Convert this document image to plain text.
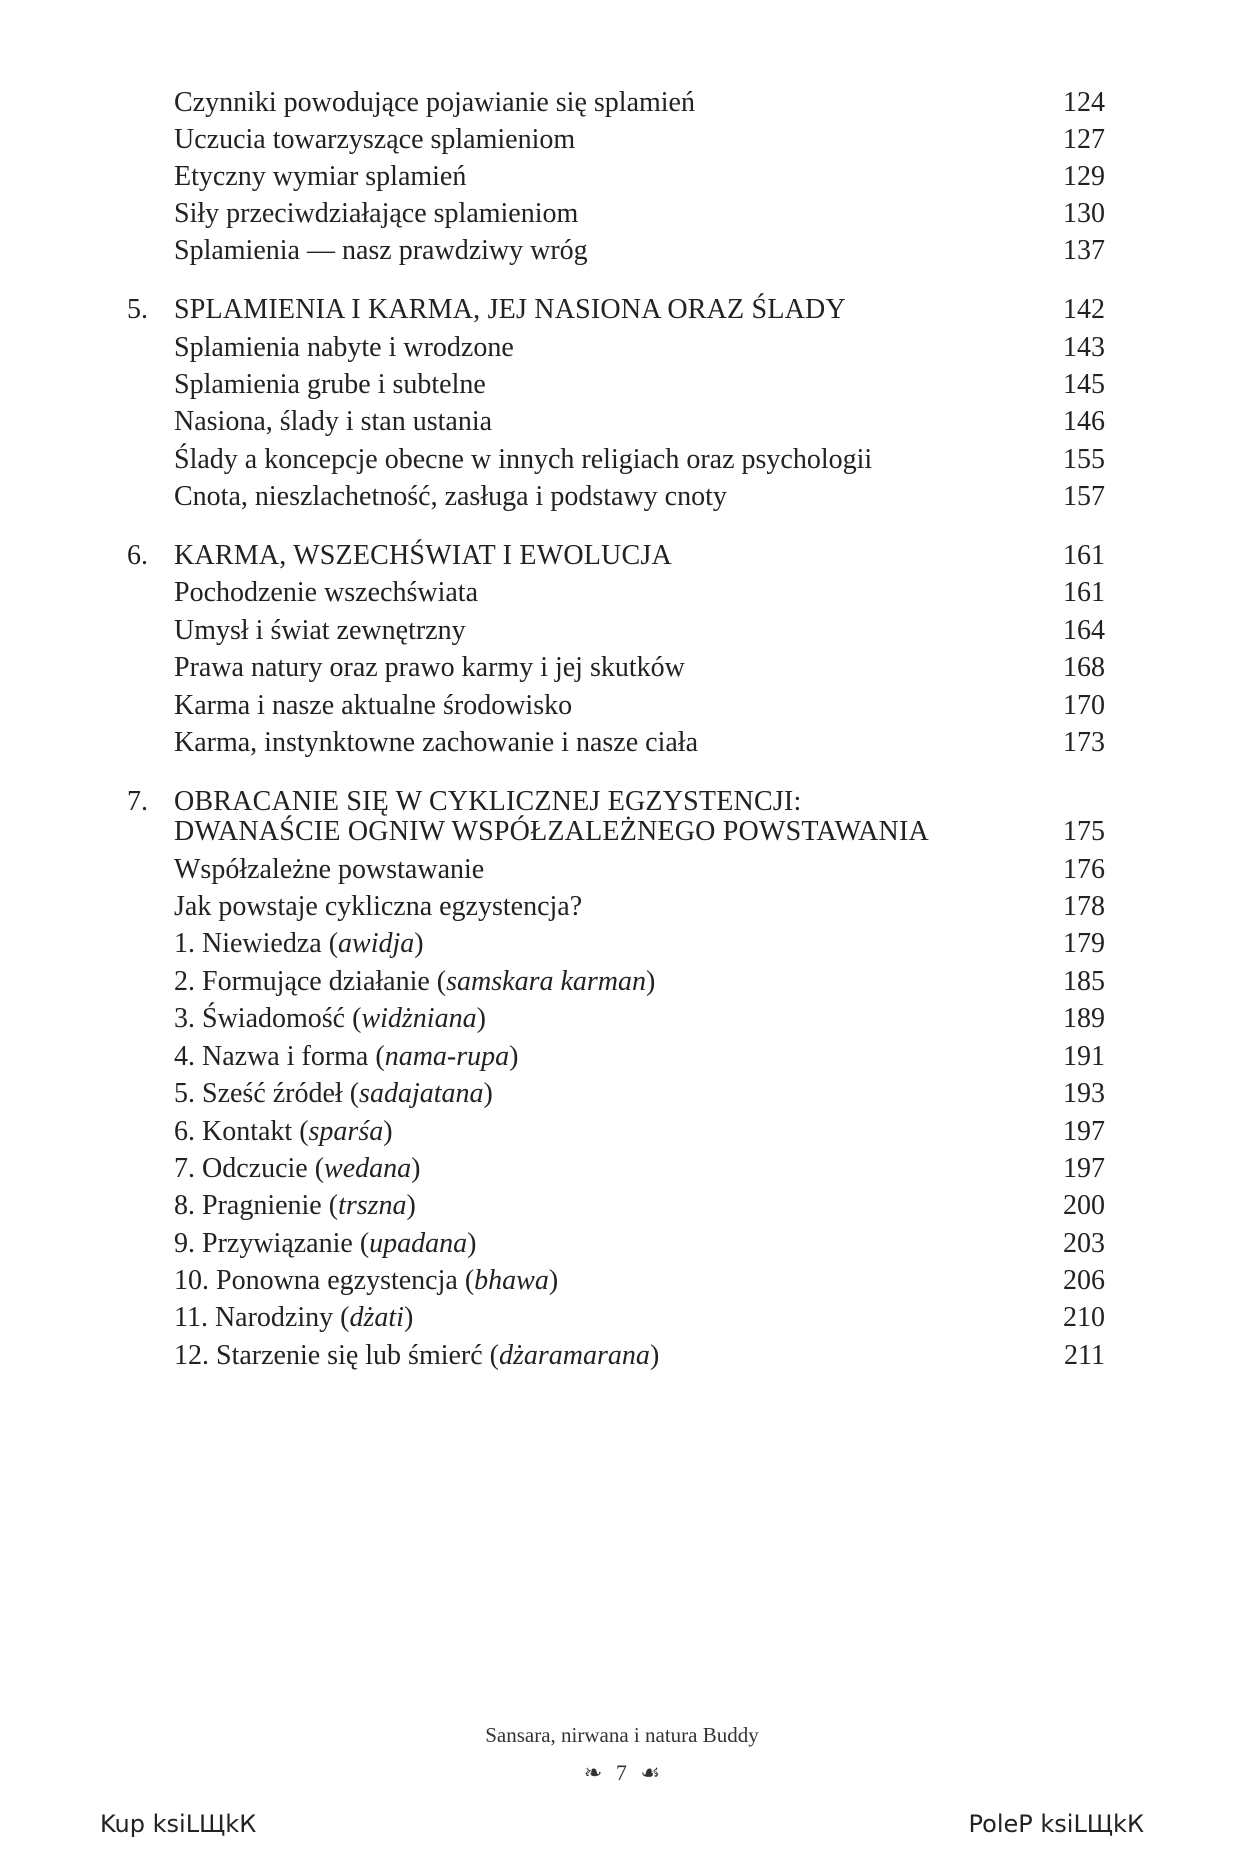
Czynniki powodujące pojawianie się splamień	124
Uczucia towarzyszące splamieniom	127
Etyczny wymiar splamień	129
Siły przeciwdziałające splamieniom	130
Splamienia — nasz prawdziwy wróg	137
5. SPLAMIENIA I KARMA, JEJ NASIONA ORAZ ŚLADY	142
Splamienia nabyte i wrodzone	143
Splamienia grube i subtelne	145
Nasiona, ślady i stan ustania	146
Ślady a koncepcje obecne w innych religiach oraz psychologii	155
Cnota, nieszlachetność, zasługa i podstawy cnoty	157
6. KARMA, WSZECHŚWIAT I EWOLUCJA	161
Pochodzenie wszechświata	161
Umysł i świat zewnętrzny	164
Prawa natury oraz prawo karmy i jej skutków	168
Karma i nasze aktualne środowisko	170
Karma, instynktowne zachowanie i nasze ciała	173
7. OBRACANIE SIĘ W CYKLICZNEJ EGZYSTENCJI:
DWANAŚCIE OGNIW WSPÓŁZALEŻNEGO POWSTAWANIA	175
Współzależne powstawanie	176
Jak powstaje cykliczna egzystencja?	178
1. Niewiedza (awidja)	179
2. Formujące działanie (samskara karman)	185
3. Świadomość (widżniana)	189
4. Nazwa i forma (nama-rupa)	191
5. Sześć źródeł (sadajatana)	193
6. Kontakt (sparśa)	197
7. Odczucie (wedana)	197
8. Pragnienie (trszna)	200
9. Przywiązanie (upadana)	203
10. Ponowna egzystencja (bhawa)	206
11. Narodziny (dżati)	210
12. Starzenie się lub śmierć (dżaramarana)	211
Sansara, nirwana i natura Buddy
❧ 7 ☙
Kup ksiLЩkК	PoleP ksiLЩkК
